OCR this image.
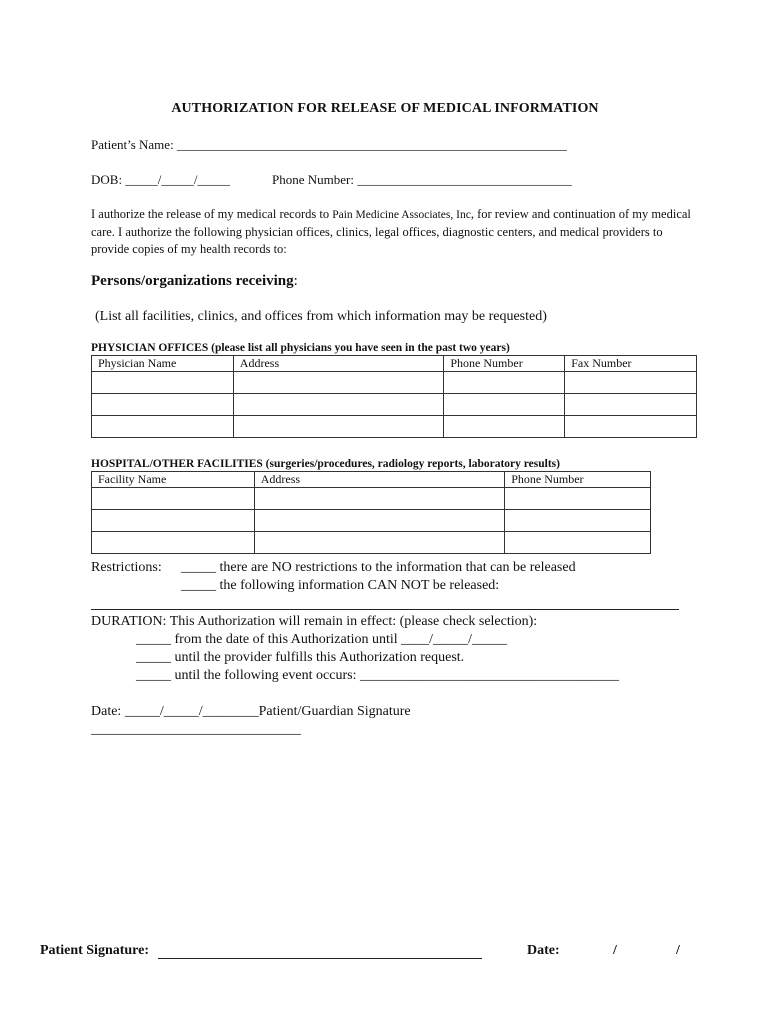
AUTHORIZATION FOR RELEASE OF MEDICAL INFORMATION
Patient’s Name: ____________________________________________________________
DOB: _____/_____/_____	Phone Number: _________________________________
I authorize the release of my medical records to Pain Medicine Associates, Inc, for review and continuation of my medical care. I authorize the following physician offices, clinics, legal offices, diagnostic centers, and medical providers to provide copies of my health records to:
Persons/organizations receiving:
(List all facilities, clinics, and offices from which information may be requested)
PHYSICIAN OFFICES (please list all physicians you have seen in the past two years)
Physician Name	Address	Phone Number	Fax Number

HOSPITAL/OTHER FACILITIES (surgeries/procedures, radiology reports, laboratory results)
Facility Name	Address	Phone Number

Restrictions: _____ there are NO restrictions to the information that can be released
_____ the following information CAN NOT be released:
DURATION: This Authorization will remain in effect: (please check selection):
_____ from the date of this Authorization until ____/_____/_____
_____ until the provider fulfills this Authorization request.
_____ until the following event occurs: _____________________________________
Date: _____/_____/________Patient/Guardian Signature
______________________________
Patient Signature:	Date:	/	/
